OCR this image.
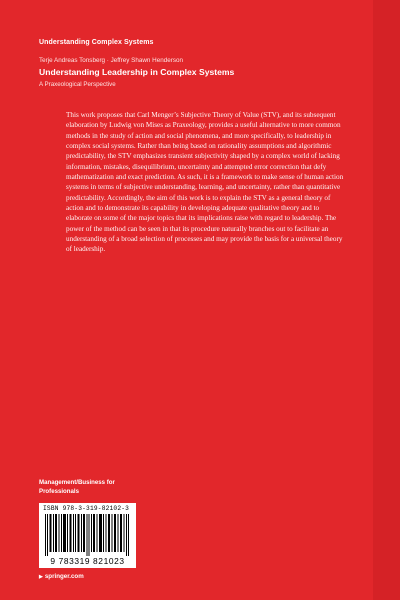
Understanding Complex Systems
Terje Andreas Tonsberg · Jeffrey Shawn Henderson
Understanding Leadership in Complex Systems
A Praxeological Perspective

This work proposes that Carl Menger’s Subjective Theory of Value (STV), and its subsequent elaboration by Ludwig von Mises as Praxeology, provides a useful alternative to more common methods in the study of action and social phenomena, and more specifically, to leadership in complex social systems. Rather than being based on rationality assumptions and algorithmic predictability, the STV emphasizes transient subjectivity shaped by a complex world of lacking information, mistakes, disequilibrium, uncertainty and attempted error correction that defy mathematization and exact prediction. As such, it is a framework to make sense of human action systems in terms of subjective understanding, learning, and uncertainty, rather than quantitative predictability. Accordingly, the aim of this work is to explain the STV as a general theory of action and to demonstrate its capability in developing adequate qualitative theory and to elaborate on some of the major topics that its implications raise with regard to leadership. The power of the method can be seen in that its procedure naturally branches out to facilitate an understanding of a broad selection of processes and may provide the basis for a universal theory of leadership.

Management/Business for
Professionals
ISBN 978-3-319-82102-3
9 783319 821023
▶ springer.com
